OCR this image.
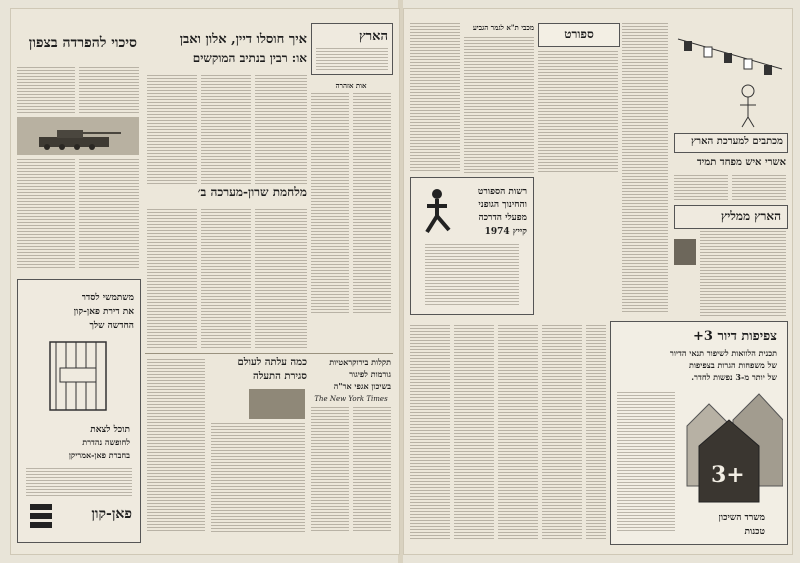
סיכוי להפרדה בצפון	איך חוסלו דיין, אלון ואבן
או: רבין בנתיב המוקשים
הארץ
אות אזהרה
מלחמת שרון-מערכה ב׳
כמה עלתה לעולם
סגירת התעלה
תקלות בירוקראטיות
גורמות לפיגור
בשיכון אגפי אר"ה
The New York Times
משתמשי לסדר
את דירת פאן-קון
החדשה שלך
תוכל לצאת
לחופשה נהדרת
בחברת פאן-אמריקן
פאן-קון
מכבי ת"א לגמר הגביע	ספורט
רשות הספורט
והחינוך הגופני
מפעלי הדרכה
קייץ 1974
מכתבים למערכת הארץ
אשרי איש מפחד תמיד
הארץ ממליץ
צפיפות דיור 3+
תכנית הלוואות לשיפור תנאי הדיור
של משפחות הגרות בצפיפות
של יותר מ-3 נפשות לחדר.
3+
משרד השיכון
טכנות
